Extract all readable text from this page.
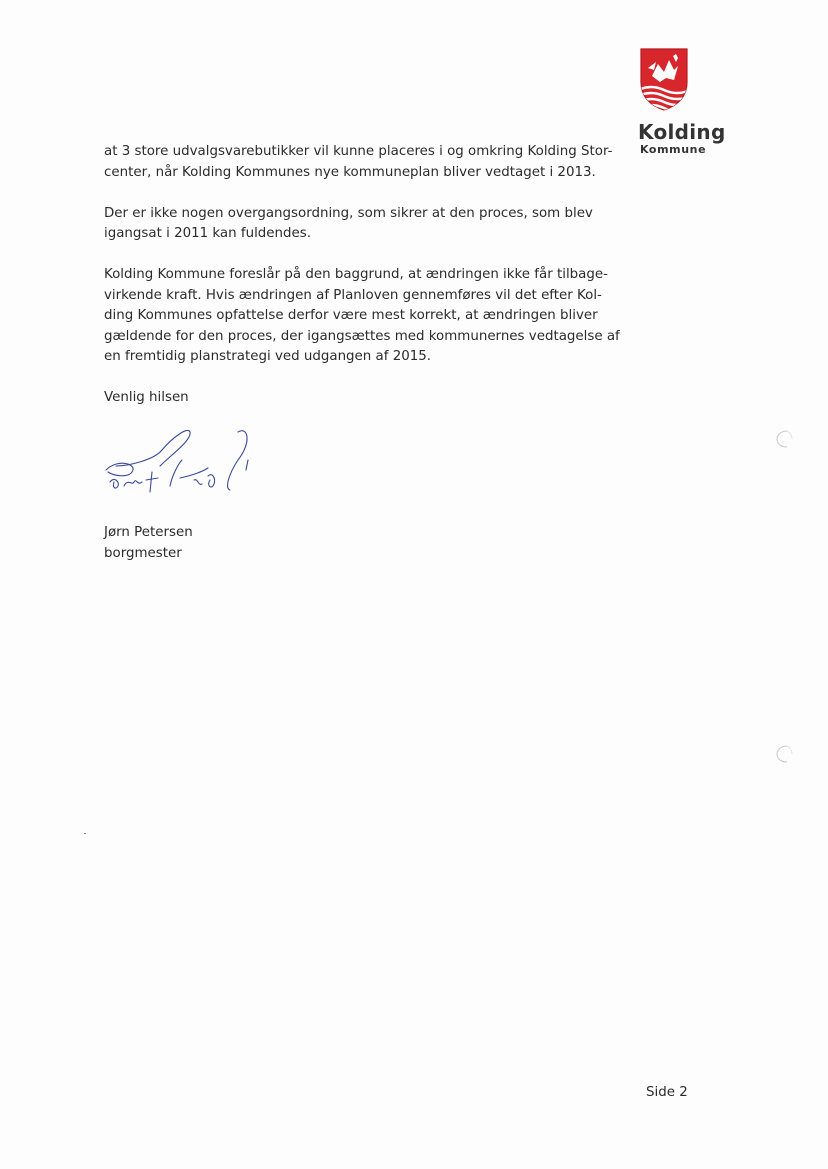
Kolding
Kommune

at 3 store udvalgsvarebutikker vil kunne placeres i og omkring Kolding Stor-
center, når Kolding Kommunes nye kommuneplan bliver vedtaget i 2013.

Der er ikke nogen overgangsordning, som sikrer at den proces, som blev
igangsat i 2011 kan fuldendes.

Kolding Kommune foreslår på den baggrund, at ændringen ikke får tilbage-
virkende kraft. Hvis ændringen af Planloven gennemføres vil det efter Kol-
ding Kommunes opfattelse derfor være mest korrekt, at ændringen bliver
gældende for den proces, der igangsættes med kommunernes vedtagelse af
en fremtidig planstrategi ved udgangen af 2015.

Venlig hilsen

Jørn Petersen
borgmester
Side 2
